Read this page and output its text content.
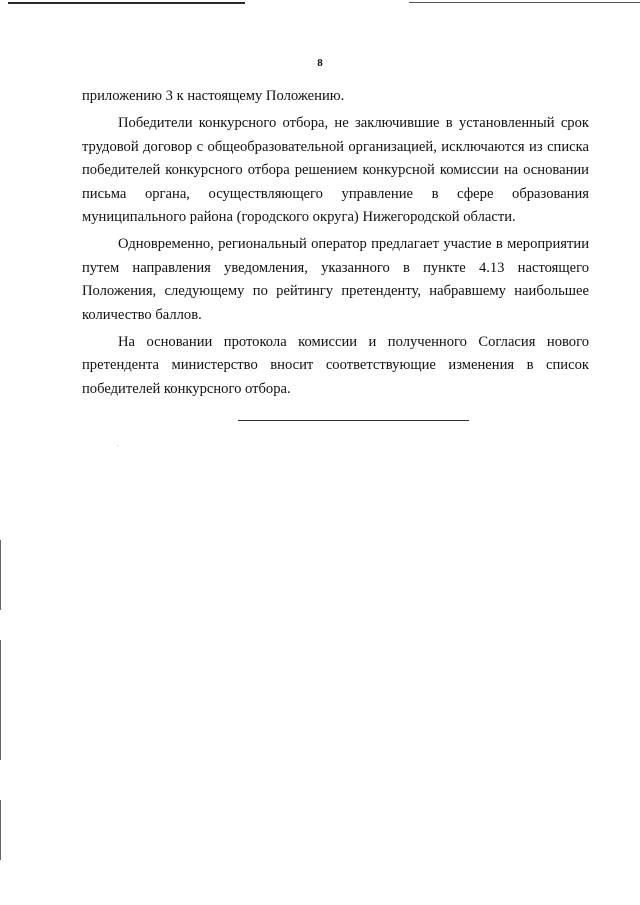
8
приложению 3 к настоящему Положению.
Победители конкурсного отбора, не заключившие в установленный срок
трудовой договор с общеобразовательной организацией, исключаются из списка
победителей конкурсного отбора решением конкурсной комиссии на основании
письма органа, осуществляющего управление в сфере образования
муниципального района (городского округа) Нижегородской области.
Одновременно, региональный оператор предлагает участие в мероприятии
путем направления уведомления, указанного в пункте 4.13 настоящего
Положения, следующему по рейтингу претенденту, набравшему наибольшее
количество баллов.
На основании протокола комиссии и полученного Согласия нового
претендента министерство вносит соответствующие изменения в список
победителей конкурсного отбора.
